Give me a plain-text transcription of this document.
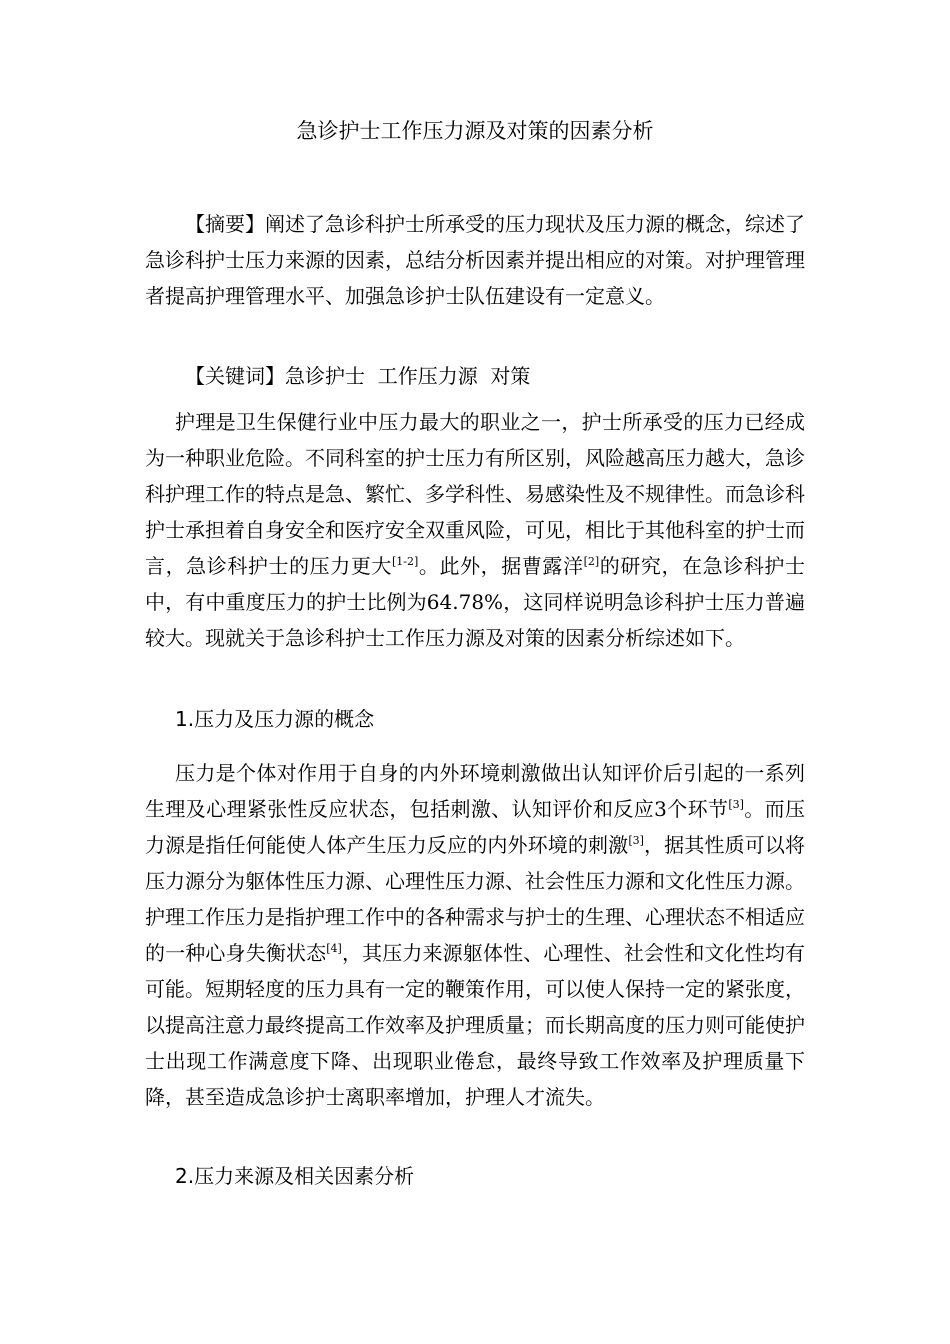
急诊护士工作压力源及对策的因素分析

【摘要】阐述了急诊科护士所承受的压力现状及压力源的概念，综述了急诊科护士压力来源的因素，总结分析因素并提出相应的对策。对护理管理者提高护理管理水平、加强急诊护士队伍建设有一定意义。

【关键词】急诊护士  工作压力源  对策

护理是卫生保健行业中压力最大的职业之一，护士所承受的压力已经成为一种职业危险。不同科室的护士压力有所区别，风险越高压力越大，急诊科护理工作的特点是急、繁忙、多学科性、易感染性及不规律性。而急诊科护士承担着自身安全和医疗安全双重风险，可见，相比于其他科室的护士而言，急诊科护士的压力更大[1-2]。此外，据曹露洋[2]的研究，在急诊科护士中，有中重度压力的护士比例为64.78%，这同样说明急诊科护士压力普遍较大。现就关于急诊科护士工作压力源及对策的因素分析综述如下。

1.压力及压力源的概念

压力是个体对作用于自身的内外环境刺激做出认知评价后引起的一系列生理及心理紧张性反应状态，包括刺激、认知评价和反应3个环节[3]。而压力源是指任何能使人体产生压力反应的内外环境的刺激[3]，据其性质可以将压力源分为躯体性压力源、心理性压力源、社会性压力源和文化性压力源。护理工作压力是指护理工作中的各种需求与护士的生理、心理状态不相适应的一种心身失衡状态[4]，其压力来源躯体性、心理性、社会性和文化性均有可能。短期轻度的压力具有一定的鞭策作用，可以使人保持一定的紧张度，以提高注意力最终提高工作效率及护理质量；而长期高度的压力则可能使护士出现工作满意度下降、出现职业倦怠，最终导致工作效率及护理质量下降，甚至造成急诊护士离职率增加，护理人才流失。

2.压力来源及相关因素分析
